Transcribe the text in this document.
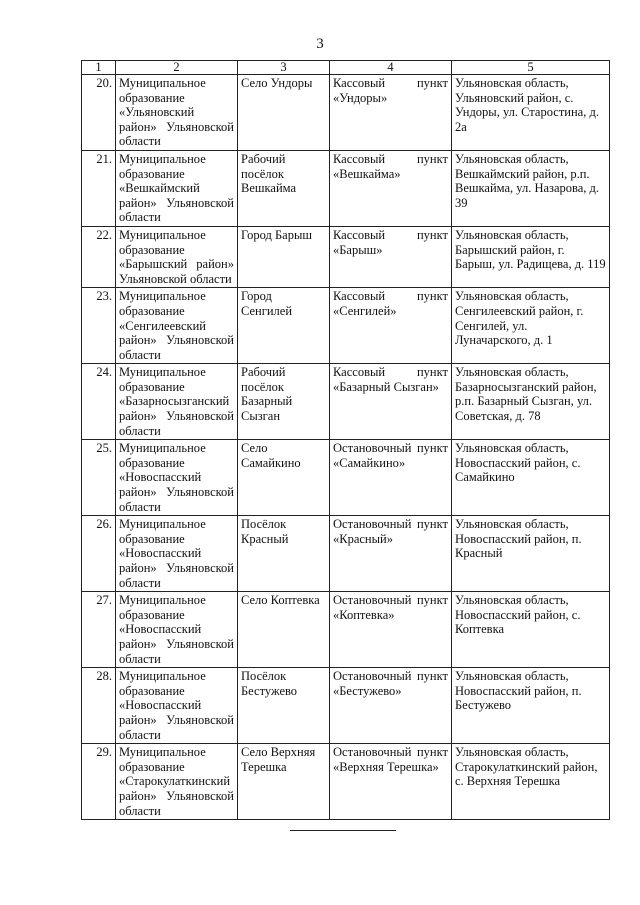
3
1	2	3	4	5
20.	Муниципальное образование «Ульяновский район» Ульяновской области	Село Ундоры	Кассовый пункт «Ундоры»	Ульяновская область, Ульяновский район, с. Ундоры, ул. Старостина, д. 2а
21.	Муниципальное образование «Вешкаймский район» Ульяновской области	Рабочий посёлок Вешкайма	Кассовый пункт «Вешкайма»	Ульяновская область, Вешкаймский район, р.п. Вешкайма, ул. Назарова, д. 39
22.	Муниципальное образование «Барышский район» Ульяновской области	Город Барыш	Кассовый пункт «Барыш»	Ульяновская область, Барышский район, г. Барыш, ул. Радищева, д. 119
23.	Муниципальное образование «Сенгилеевский район» Ульяновской области	Город Сенгилей	Кассовый пункт «Сенгилей»	Ульяновская область, Сенгилеевский район, г. Сенгилей, ул. Луначарского, д. 1
24.	Муниципальное образование «Базарносызганский район» Ульяновской области	Рабочий посёлок Базарный Сызган	Кассовый пункт «Базарный Сызган»	Ульяновская область, Базарносызганский район, р.п. Базарный Сызган, ул. Советская, д. 78
25.	Муниципальное образование «Новоспасский район» Ульяновской области	Село Самайкино	Остановочный пункт «Самайкино»	Ульяновская область, Новоспасский район, с. Самайкино
26.	Муниципальное образование «Новоспасский район» Ульяновской области	Посёлок Красный	Остановочный пункт «Красный»	Ульяновская область, Новоспасский район, п. Красный
27.	Муниципальное образование «Новоспасский район» Ульяновской области	Село Коптевка	Остановочный пункт «Коптевка»	Ульяновская область, Новоспасский район, с. Коптевка
28.	Муниципальное образование «Новоспасский район» Ульяновской области	Посёлок Бестужево	Остановочный пункт «Бестужево»	Ульяновская область, Новоспасский район, п. Бестужево
29.	Муниципальное образование «Старокулаткинский район» Ульяновской области	Село Верхняя Терешка	Остановочный пункт «Верхняя Терешка»	Ульяновская область, Старокулаткинский район, с. Верхняя Терешка
